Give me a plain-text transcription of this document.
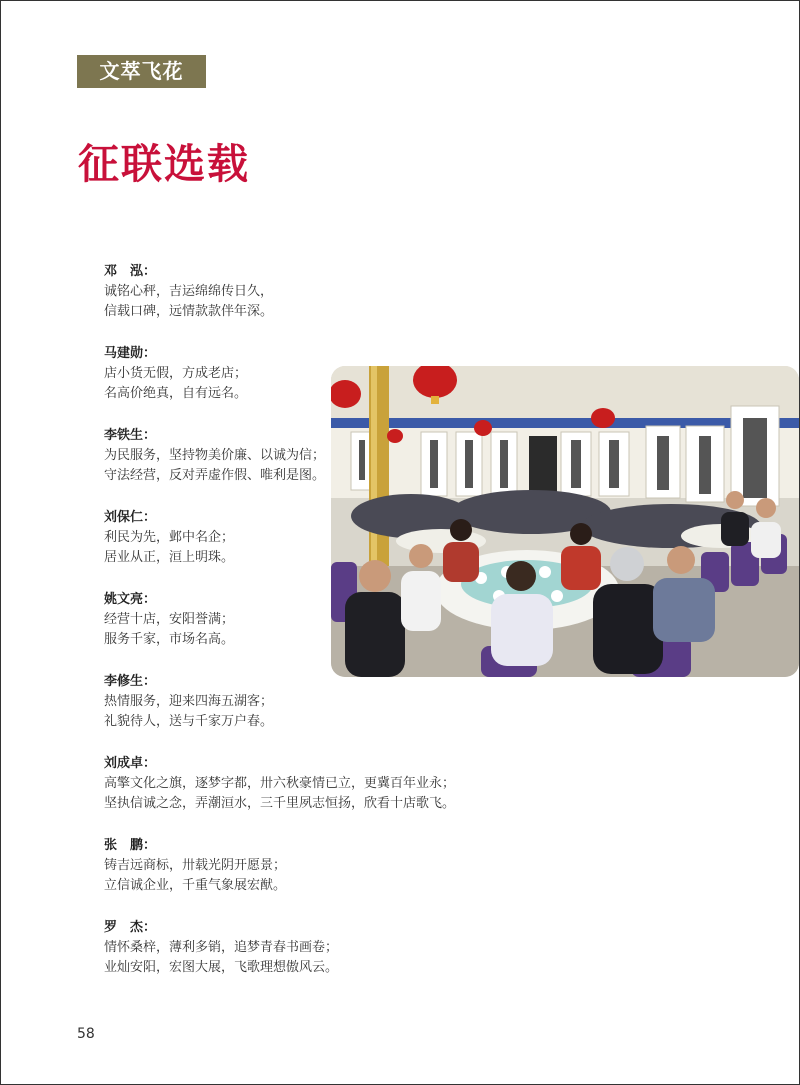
文萃飞花
征联选载
邓　泓：
诚铭心秤，吉运绵绵传日久，
信载口碑，远情款款伴年深。
马建勋：
店小货无假，方成老店；
名高价绝真，自有远名。
李铁生：
为民服务，坚持物美价廉、以诚为信；
守法经营，反对弄虚作假、唯利是图。
刘保仁：
利民为先，邺中名企；
居业从正，洹上明珠。
姚文亮：
经营十店，安阳誉满；
服务千家，市场名高。
李修生：
热情服务，迎来四海五湖客；
礼貌待人，送与千家万户春。
刘成卓：
高擎文化之旗，逐梦字都，卅六秋豪情已立，更冀百年业永；
坚执信诚之念，弄潮洹水，三千里夙志恒扬，欣看十店歌飞。
张　鹏：
铸吉远商标，卅载光阴开愿景；
立信诚企业，千重气象展宏猷。
罗　杰：
情怀桑梓，薄利多销，追梦青春书画卷；
业灿安阳，宏图大展，飞歌理想傲风云。
58
